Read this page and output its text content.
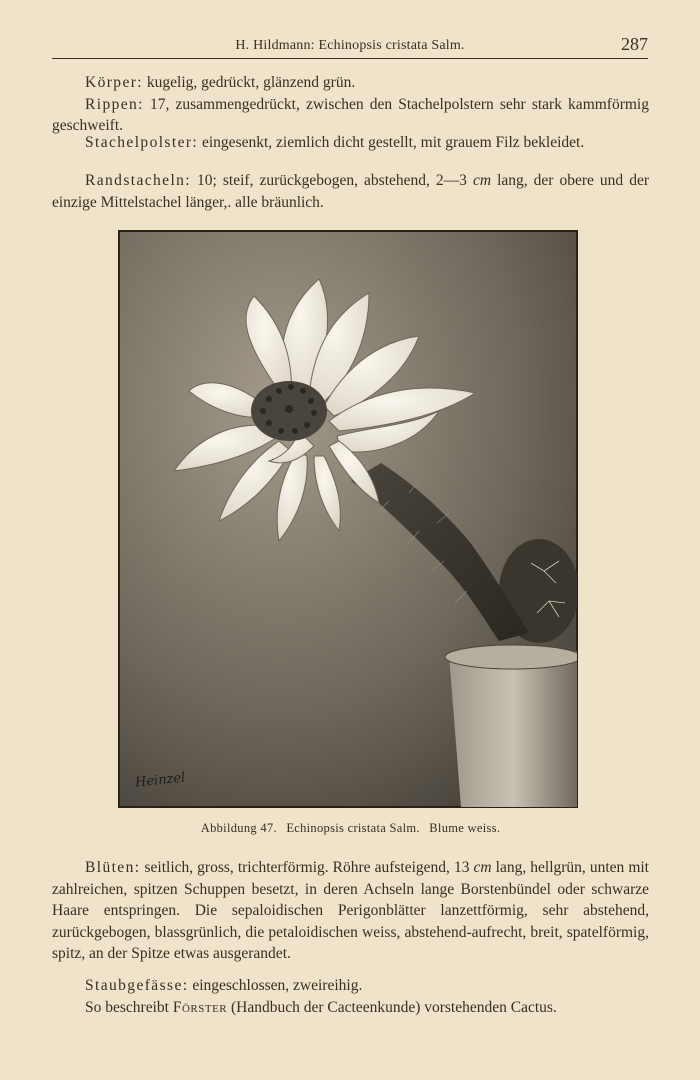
H. Hildmann: Echinopsis cristata Salm.	287

Körper: kugelig, gedrückt, glänzend grün.

Rippen: 17, zusammengedrückt, zwischen den Stachelpolstern sehr stark kammförmig geschweift.

Stachelpolster: eingesenkt, ziemlich dicht gestellt, mit grauem Filz bekleidet.

Randstacheln: 10; steif, zurückgebogen, abstehend, 2—3 cm lang, der obere und der einzige Mittelstachel länger,. alle bräunlich.

Heinzel
Abbildung 47. Echinopsis cristata Salm. Blume weiss.

Blüten: seitlich, gross, trichterförmig. Röhre aufsteigend, 13 cm lang, hellgrün, unten mit zahlreichen, spitzen Schuppen besetzt, in deren Achseln lange Borstenbündel oder schwarze Haare entspringen. Die sepaloidischen Perigonblätter lanzettförmig, sehr abstehend, zurückgebogen, blassgrünlich, die petaloidischen weiss, abstehend-aufrecht, breit, spatelförmig, spitz, an der Spitze etwas ausgerandet.

Staubgefässe: eingeschlossen, zweireihig.

So beschreibt Förster (Handbuch der Cacteenkunde) vorstehenden Cactus.
